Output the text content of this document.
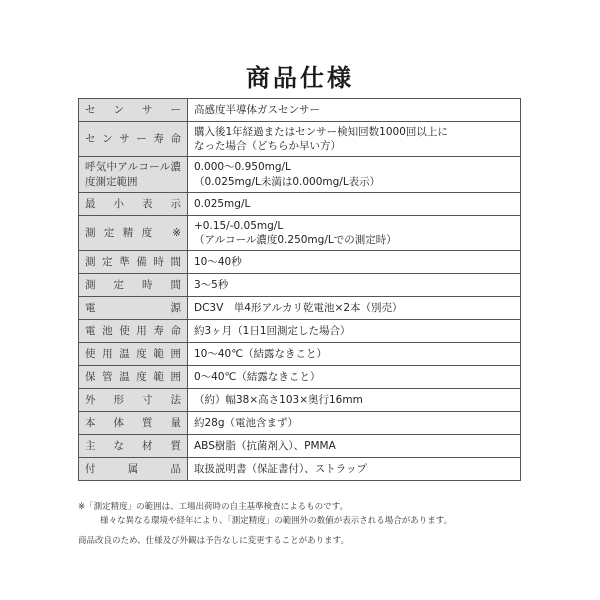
商品仕様
センサー	高感度半導体ガスセンサー

センサー寿命	購入後1年経過またはセンサー検知回数1000回以上に
なった場合（どちらか早い方）

呼気中アルコール濃度測定範囲	0.000〜0.950mg/L
（0.025mg/L未満は0.000mg/L表示）

最小表示	0.025mg/L

測定精度 ※	+0.15/-0.05mg/L
（アルコール濃度0.250mg/Lでの測定時）

測定準備時間	10〜40秒

測定時間	3〜5秒

電源	DC3V　単4形アルカリ乾電池×2本（別売）

電池使用寿命	約3ヶ月（1日1回測定した場合）

使用温度範囲	10〜40℃（結露なきこと）

保管温度範囲	0〜40℃（結露なきこと）

外形寸法	（約）幅38×高さ103×奥行16mm

本体質量	約28g（電池含まず）

主な材質	ABS樹脂（抗菌剤入）、PMMA

付属品	取扱説明書（保証書付）、ストラップ
※「測定精度」の範囲は、工場出荷時の自主基準検査によるものです。
様々な異なる環境や経年により、「測定精度」の範囲外の数値が表示される場合があります。
商品改良のため、仕様及び外観は予告なしに変更することがあります。
